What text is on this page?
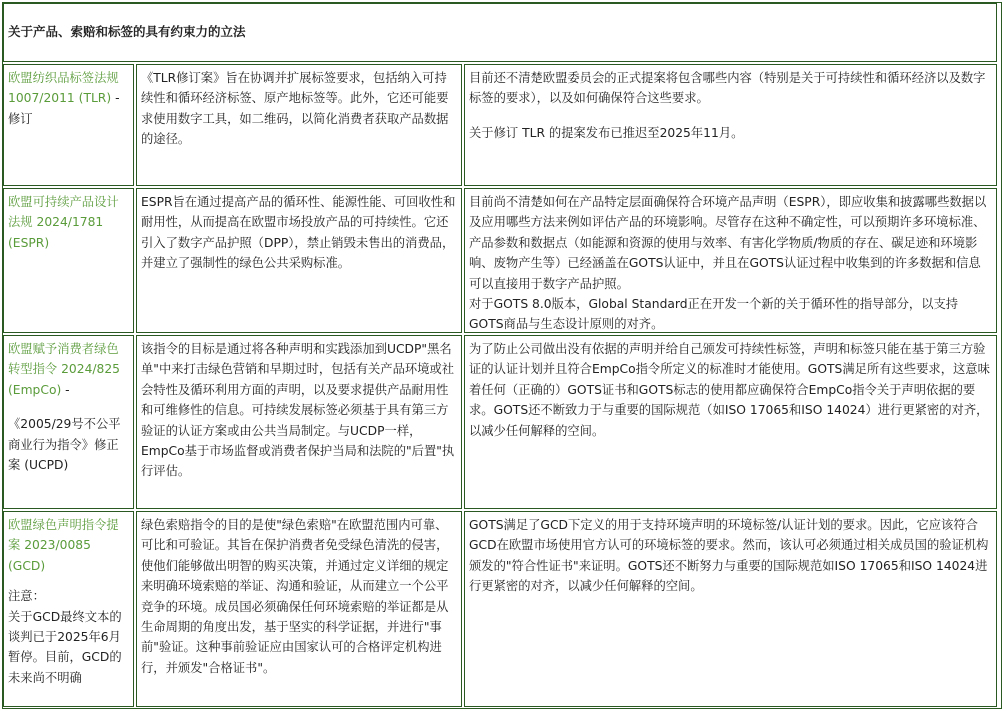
关于产品、索赔和标签的具有约束力的立法
欧盟纺织品标签法规 1007/2011 (TLR) - 修订
《TLR修订案》旨在协调并扩展标签要求，包括纳入可持续性和循环经济标签、原产地标签等。此外，它还可能要求使用数字工具，如二维码，以简化消费者获取产品数据的途径。
目前还不清楚欧盟委员会的正式提案将包含哪些内容（特别是关于可持续性和循环经济以及数字标签的要求），以及如何确保符合这些要求。
关于修订 TLR 的提案发布已推迟至2025年11月。
欧盟可持续产品设计法规 2024/1781 (ESPR)
ESPR旨在通过提高产品的循环性、能源性能、可回收性和耐用性，从而提高在欧盟市场投放产品的可持续性。它还引入了数字产品护照（DPP），禁止销毁未售出的消费品，并建立了强制性的绿色公共采购标准。
目前尚不清楚如何在产品特定层面确保符合环境产品声明（ESPR），即应收集和披露哪些数据以及应用哪些方法来例如评估产品的环境影响。尽管存在这种不确定性，可以预期许多环境标准、产品参数和数据点（如能源和资源的使用与效率、有害化学物质/物质的存在、碳足迹和环境影响、废物产生等）已经涵盖在GOTS认证中，并且在GOTS认证过程中收集到的许多数据和信息可以直接用于数字产品护照。
对于GOTS 8.0版本，Global Standard正在开发一个新的关于循环性的指导部分，以支持GOTS商品与生态设计原则的对齐。
欧盟赋予消费者绿色转型指令 2024/825 (EmpCo) -
《2005/29号不公平商业行为指令》修正案 (UCPD)
该指令的目标是通过将各种声明和实践添加到UCDP"黑名单"中来打击绿色营销和早期过时，包括有关产品环境或社会特性及循环利用方面的声明，以及要求提供产品耐用性和可维修性的信息。可持续发展标签必须基于具有第三方验证的认证方案或由公共当局制定。与UCDP一样，EmpCo基于市场监督或消费者保护当局和法院的"后置"执行评估。
为了防止公司做出没有依据的声明并给自己颁发可持续性标签，声明和标签只能在基于第三方验证的认证计划并且符合EmpCo指令所定义的标准时才能使用。GOTS满足所有这些要求，这意味着任何（正确的）GOTS证书和GOTS标志的使用都应确保符合EmpCo指令关于声明依据的要求。GOTS还不断致力于与重要的国际规范（如ISO 17065和ISO 14024）进行更紧密的对齐，以减少任何解释的空间。
欧盟绿色声明指令提案 2023/0085 (GCD)
注意：
关于GCD最终文本的谈判已于2025年6月暂停。目前，GCD的未来尚不明确
绿色索赔指令的目的是使"绿色索赔"在欧盟范围内可靠、可比和可验证。其旨在保护消费者免受绿色清洗的侵害，使他们能够做出明智的购买决策，并通过定义详细的规定来明确环境索赔的举证、沟通和验证，从而建立一个公平竞争的环境。成员国必须确保任何环境索赔的举证都是从生命周期的角度出发，基于坚实的科学证据，并进行"事前"验证。这种事前验证应由国家认可的合格评定机构进行，并颁发"合格证书"。
GOTS满足了GCD下定义的用于支持环境声明的环境标签/认证计划的要求。因此，它应该符合GCD在欧盟市场使用官方认可的环境标签的要求。然而，该认可必须通过相关成员国的验证机构颁发的"符合性证书"来证明。GOTS还不断努力与重要的国际规范如ISO 17065和ISO 14024进行更紧密的对齐，以减少任何解释的空间。
